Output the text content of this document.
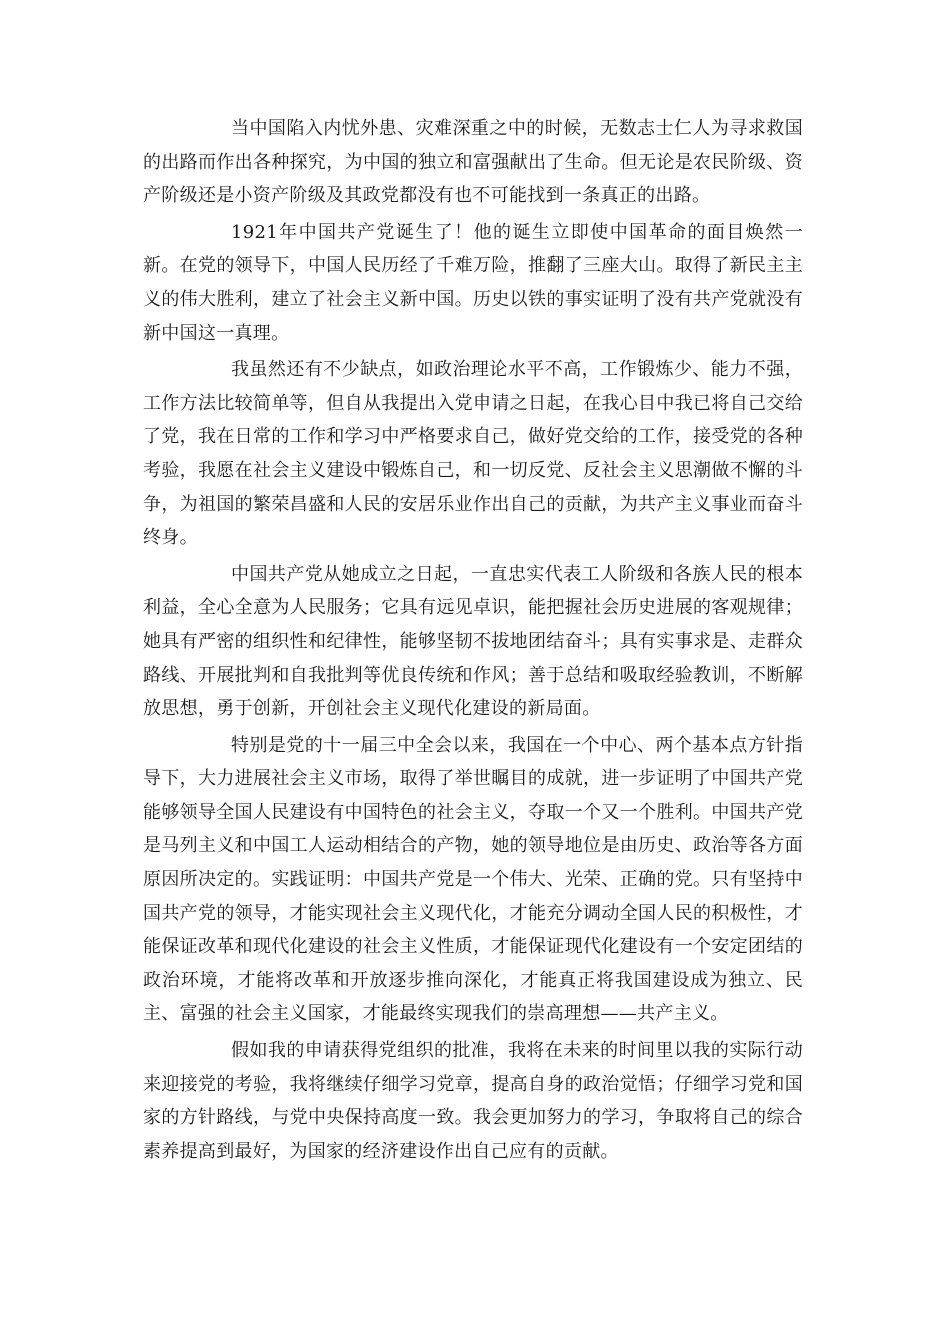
当中国陷入内忧外患、灾难深重之中的时候，无数志士仁人为寻求救国的出路而作出各种探究，为中国的独立和富强献出了生命。但无论是农民阶级、资产阶级还是小资产阶级及其政党都没有也不可能找到一条真正的出路。

1921年中国共产党诞生了！他的诞生立即使中国革命的面目焕然一新。在党的领导下，中国人民历经了千难万险，推翻了三座大山。取得了新民主主义的伟大胜利，建立了社会主义新中国。历史以铁的事实证明了没有共产党就没有新中国这一真理。

我虽然还有不少缺点，如政治理论水平不高，工作锻炼少、能力不强，工作方法比较简单等，但自从我提出入党申请之日起，在我心目中我已将自己交给了党，我在日常的工作和学习中严格要求自己，做好党交给的工作，接受党的各种考验，我愿在社会主义建设中锻炼自己，和一切反党、反社会主义思潮做不懈的斗争，为祖国的繁荣昌盛和人民的安居乐业作出自己的贡献，为共产主义事业而奋斗终身。

中国共产党从她成立之日起，一直忠实代表工人阶级和各族人民的根本利益，全心全意为人民服务；它具有远见卓识，能把握社会历史进展的客观规律；她具有严密的组织性和纪律性，能够坚韧不拔地团结奋斗；具有实事求是、走群众路线、开展批判和自我批判等优良传统和作风；善于总结和吸取经验教训，不断解放思想，勇于创新，开创社会主义现代化建设的新局面。

特别是党的十一届三中全会以来，我国在一个中心、两个基本点方针指导下，大力进展社会主义市场，取得了举世瞩目的成就，进一步证明了中国共产党能够领导全国人民建设有中国特色的社会主义，夺取一个又一个胜利。中国共产党是马列主义和中国工人运动相结合的产物，她的领导地位是由历史、政治等各方面原因所决定的。实践证明：中国共产党是一个伟大、光荣、正确的党。只有坚持中国共产党的领导，才能实现社会主义现代化，才能充分调动全国人民的积极性，才能保证改革和现代化建设的社会主义性质，才能保证现代化建设有一个安定团结的政治环境，才能将改革和开放逐步推向深化，才能真正将我国建设成为独立、民主、富强的社会主义国家，才能最终实现我们的崇高理想——共产主义。

假如我的申请获得党组织的批准，我将在未来的时间里以我的实际行动来迎接党的考验，我将继续仔细学习党章，提高自身的政治觉悟；仔细学习党和国家的方针路线，与党中央保持高度一致。我会更加努力的学习，争取将自己的综合素养提高到最好，为国家的经济建设作出自己应有的贡献。
